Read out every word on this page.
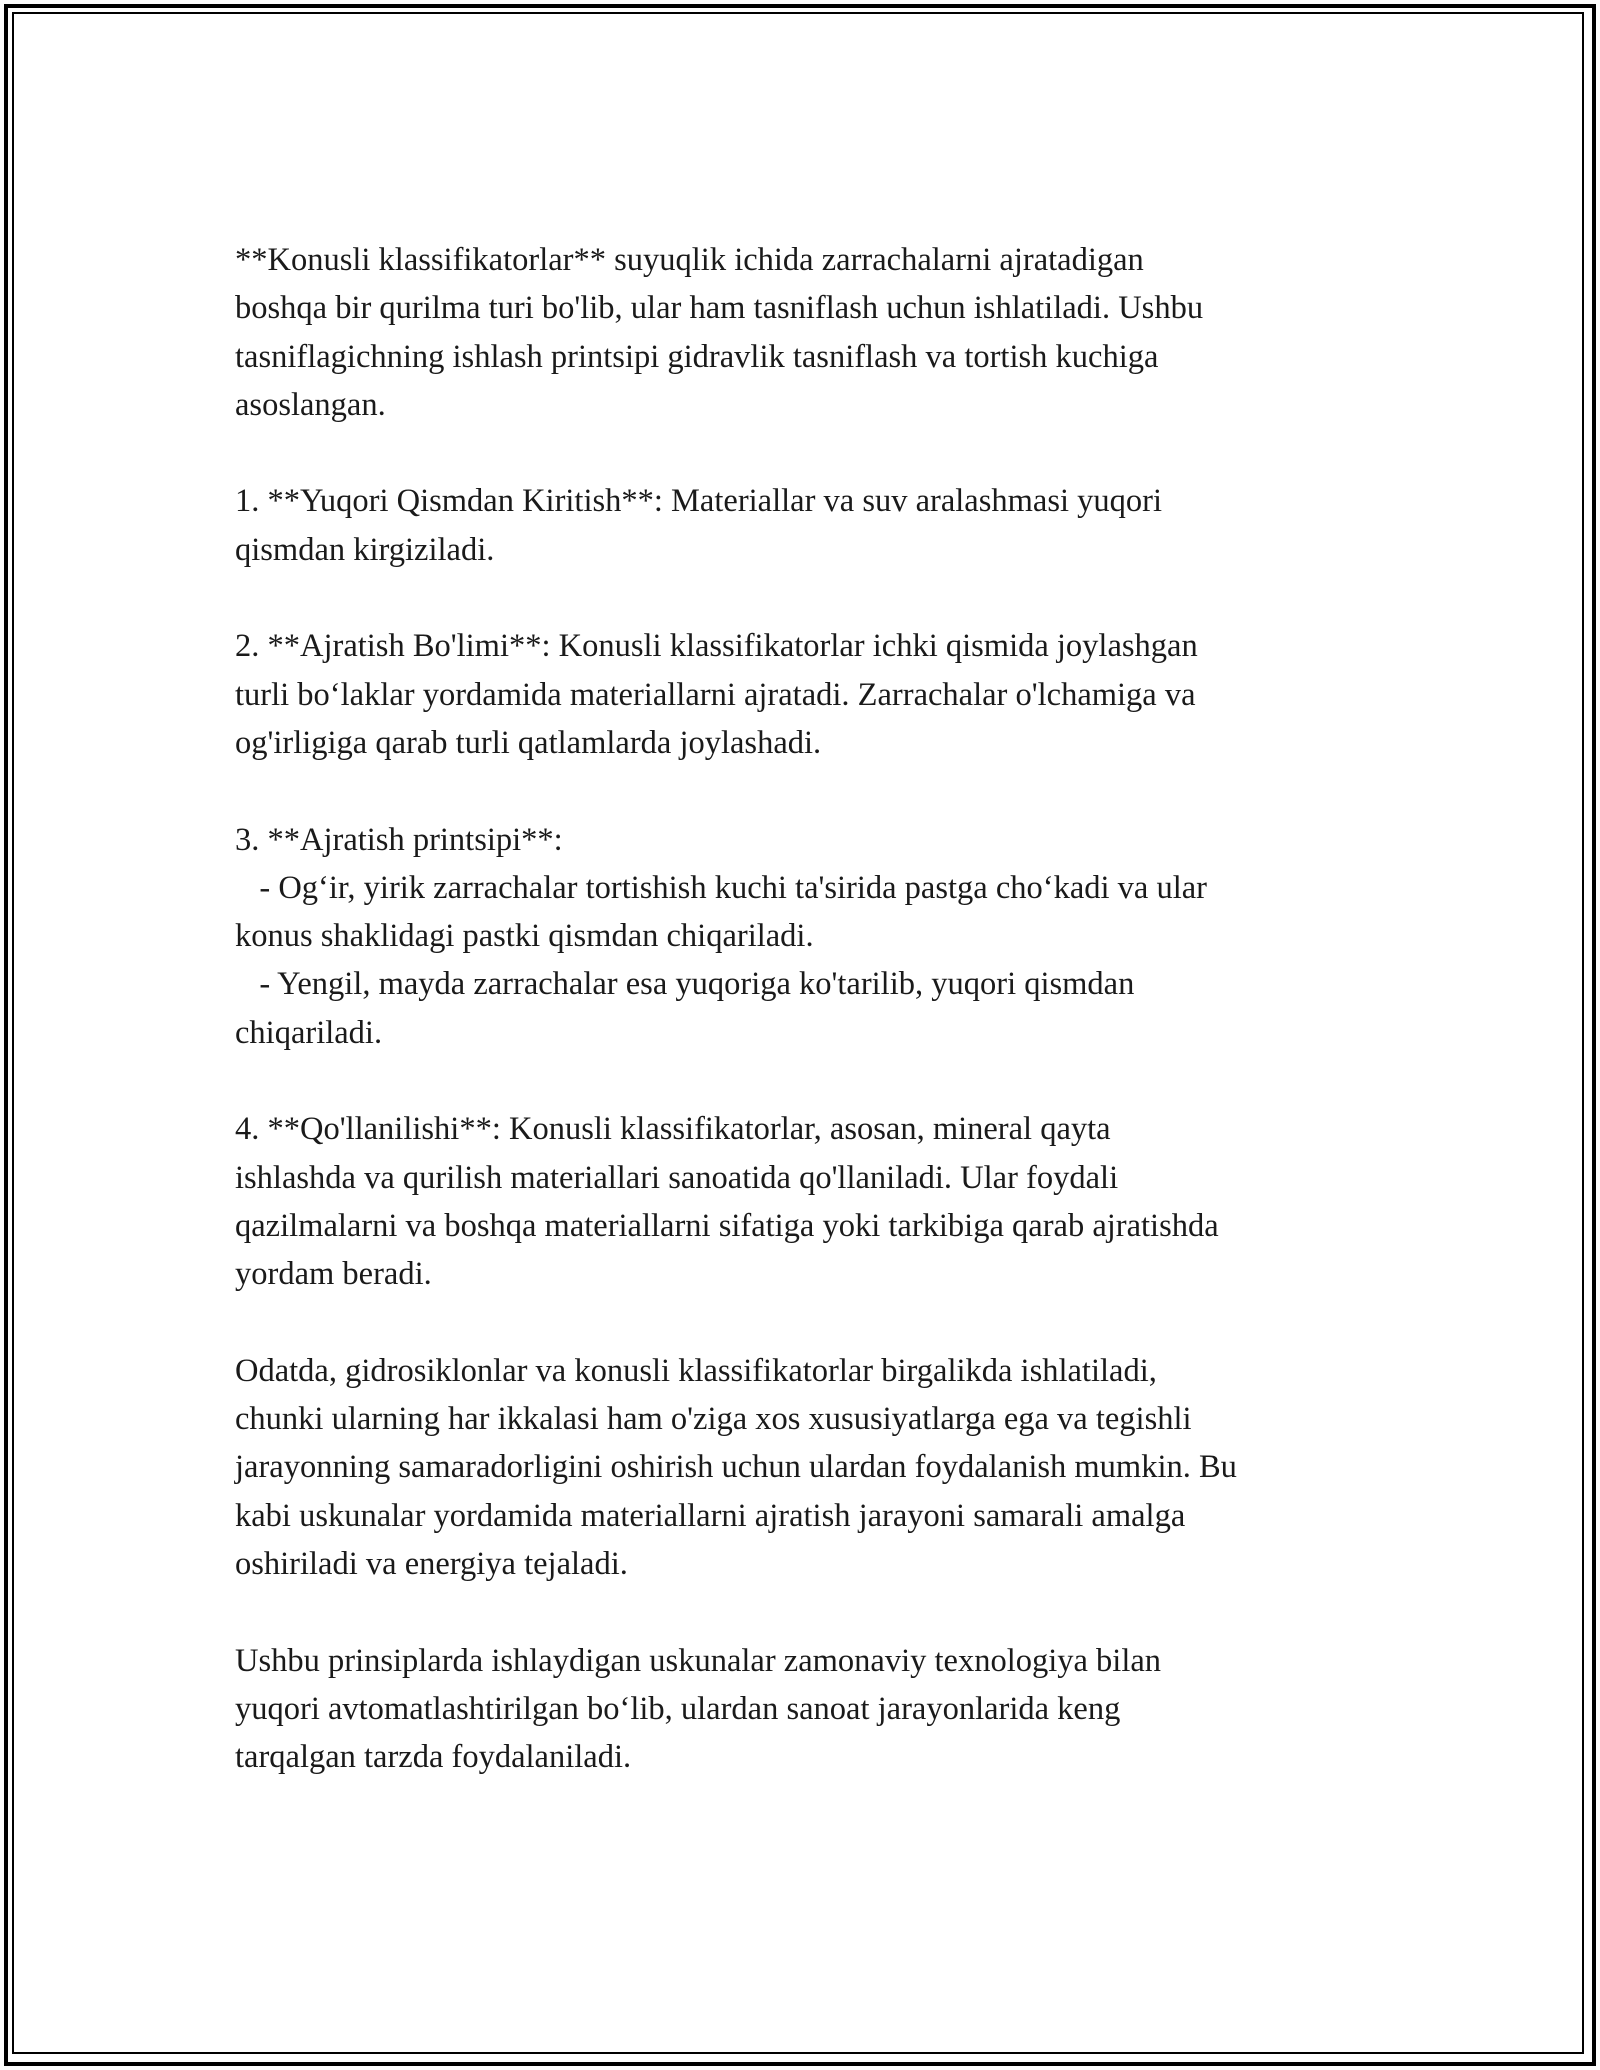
**Konusli klassifikatorlar** suyuqlik ichida zarrachalarni ajratadigan
boshqa bir qurilma turi bo'lib, ular ham tasniflash uchun ishlatiladi. Ushbu
tasniflagichning ishlash printsipi gidravlik tasniflash va tortish kuchiga
asoslangan.
1. **Yuqori Qismdan Kiritish**: Materiallar va suv aralashmasi yuqori
qismdan kirgiziladi.
2. **Ajratish Bo'limi**: Konusli klassifikatorlar ichki qismida joylashgan
turli bo‘laklar yordamida materiallarni ajratadi. Zarrachalar o'lchamiga va
og'irligiga qarab turli qatlamlarda joylashadi.
3. **Ajratish printsipi**:
- Og‘ir, yirik zarrachalar tortishish kuchi ta'sirida pastga cho‘kadi va ular
konus shaklidagi pastki qismdan chiqariladi.
- Yengil, mayda zarrachalar esa yuqoriga ko'tarilib, yuqori qismdan
chiqariladi.
4. **Qo'llanilishi**: Konusli klassifikatorlar, asosan, mineral qayta
ishlashda va qurilish materiallari sanoatida qo'llaniladi. Ular foydali
qazilmalarni va boshqa materiallarni sifatiga yoki tarkibiga qarab ajratishda
yordam beradi.
Odatda, gidrosiklonlar va konusli klassifikatorlar birgalikda ishlatiladi,
chunki ularning har ikkalasi ham o'ziga xos xususiyatlarga ega va tegishli
jarayonning samaradorligini oshirish uchun ulardan foydalanish mumkin. Bu
kabi uskunalar yordamida materiallarni ajratish jarayoni samarali amalga
oshiriladi va energiya tejaladi.
Ushbu prinsiplarda ishlaydigan uskunalar zamonaviy texnologiya bilan
yuqori avtomatlashtirilgan bo‘lib, ulardan sanoat jarayonlarida keng
tarqalgan tarzda foydalaniladi.
